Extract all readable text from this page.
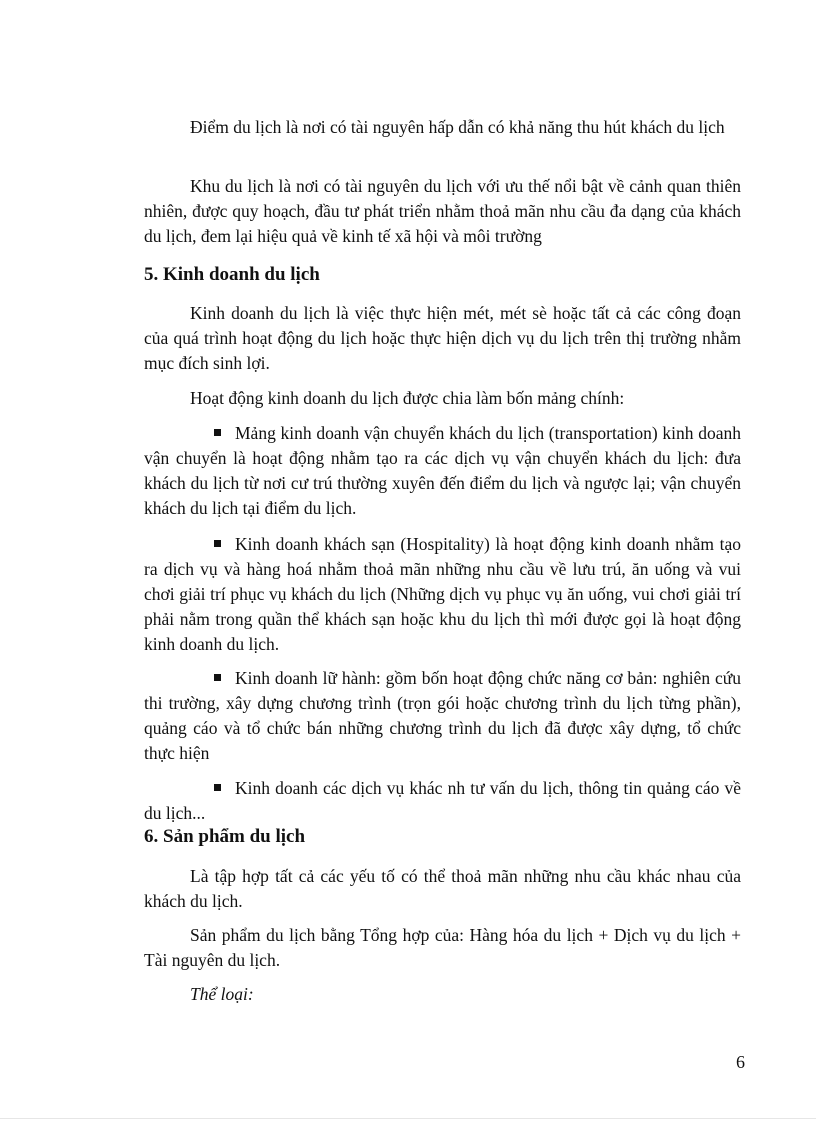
Điểm du lịch là nơi có tài nguyên hấp dẫn có khả năng thu hút khách du lịch

Khu du lịch là nơi có tài nguyên du lịch với ưu thế nổi bật về cảnh quan thiên nhiên, được quy hoạch, đầu tư phát triển nhằm thoả mãn nhu cầu đa dạng của khách du lịch, đem lại hiệu quả về kinh tế xã hội và môi trường

5. Kinh doanh du lịch

Kinh doanh du lịch là việc thực hiện mét, mét sè hoặc tất cả các công đoạn của quá trình hoạt động du lịch hoặc thực hiện dịch vụ du lịch trên thị trường nhằm mục đích sinh lợi.

Hoạt động kinh doanh du lịch được chia làm bốn mảng chính:

Mảng kinh doanh vận chuyển khách du lịch (transportation) kinh doanh vận chuyển là hoạt động nhằm tạo ra các dịch vụ vận chuyển khách du lịch: đưa khách du lịch từ nơi cư trú thường xuyên đến điểm du lịch và ngược lại; vận chuyển khách du lịch tại điểm du lịch.

Kinh doanh khách sạn (Hospitality) là hoạt động kinh doanh nhằm tạo ra dịch vụ và hàng hoá nhằm thoả mãn những nhu cầu về lưu trú, ăn uống và vui chơi giải trí phục vụ khách du lịch (Những dịch vụ phục vụ ăn uống, vui chơi giải trí phải nằm trong quần thể khách sạn hoặc khu du lịch thì mới được gọi là hoạt động kinh doanh du lịch.

Kinh doanh lữ hành: gồm bốn hoạt động chức năng cơ bản: nghiên cứu thi trường, xây dựng chương trình (trọn gói hoặc chương trình du lịch từng phần), quảng cáo và tổ chức bán những chương trình du lịch đã được xây dựng, tổ chức thực hiện

Kinh doanh các dịch vụ khác nh tư vấn du lịch, thông tin quảng cáo về du lịch...

6. Sản phẩm du lịch

Là tập hợp tất cả các yếu tố có thể thoả mãn những nhu cầu khác nhau của khách du lịch.

Sản phẩm du lịch bằng Tổng hợp của: Hàng hóa du lịch + Dịch vụ du lịch + Tài nguyên du lịch.

Thể loại:

6
